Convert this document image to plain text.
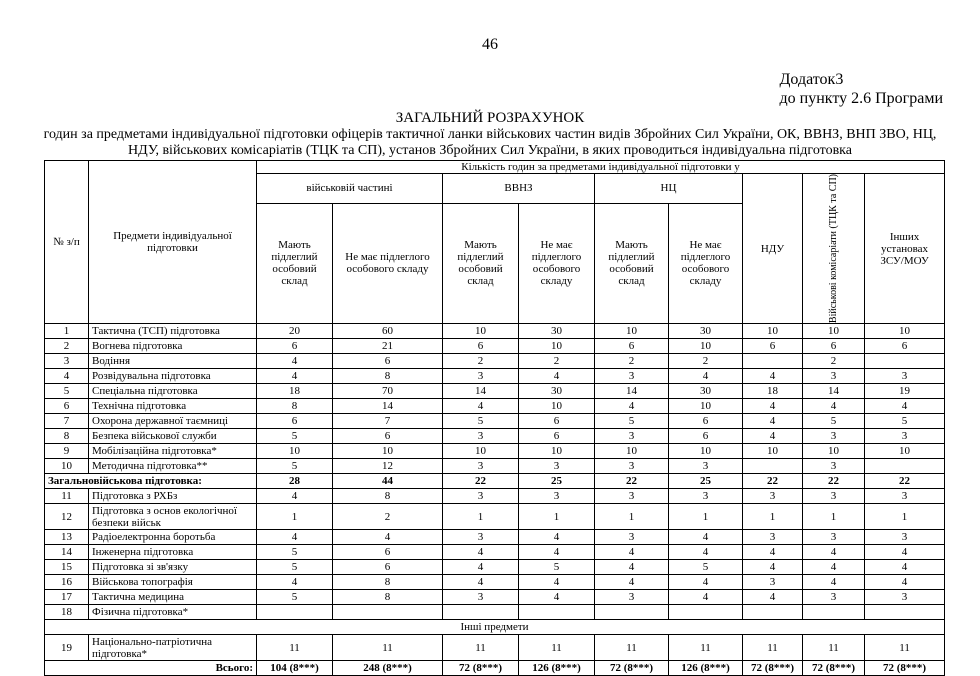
46
Додаток3
до пункту 2.6 Програми
ЗАГАЛЬНИЙ РОЗРАХУНОК
годин за предметами індивідуальної підготовки офіцерів тактичної ланки військових частин видів Збройних Сил України, ОК, ВВНЗ, ВНП ЗВО, НЦ, НДУ, військових комісаріатів (ТЦК та СП), установ Збройних Сил України, в яких проводиться індивідуальна підготовка
№ з/п	Предмети індивідуальної підготовки	Кількість годин за предметами індивідуальної підготовки у								
		військовій частині		ВВНЗ		НЦ		НДУ	Військові комісаріати (ТЦК та СП)	Інших установах ЗСУ/МОУ
		Мають підлеглий особовий склад	Не має підлеглого особового складу	Мають підлеглий особовий склад	Не має підлеглого особового складу	Мають підлеглий особовий склад	Не має підлеглого особового складу			
1	Тактична (ТСП) підготовка	20	60	10	30	10	30	10	10	10
2	Вогнева підготовка	6	21	6	10	6	10	6	6	6
3	Водіння	4	6	2	2	2	2		2	
4	Розвідувальна підготовка	4	8	3	4	3	4	4	3	3
5	Спеціальна підготовка	18	70	14	30	14	30	18	14	19
6	Технічна підготовка	8	14	4	10	4	10	4	4	4
7	Охорона державної таємниці	6	7	5	6	5	6	4	5	5
8	Безпека військової служби	5	6	3	6	3	6	4	3	3
9	Мобілізаційна підготовка*	10	10	10	10	10	10	10	10	10
10	Методична підготовка**	5	12	3	3	3	3		3	
Загальновійськова підготовка:		28	44	22	25	22	25	22	22	22
11	Підготовка з РХБз	4	8	3	3	3	3	3	3	3
12	Підготовка з основ екологічної безпеки військ	1	2	1	1	1	1	1	1	1
13	Радіоелектронна боротьба	4	4	3	4	3	4	3	3	3
14	Інженерна підготовка	5	6	4	4	4	4	4	4	4
15	Підготовка зі зв'язку	5	6	4	5	4	5	4	4	4
16	Військова топографія	4	8	4	4	4	4	3	4	4
17	Тактична медицина	5	8	3	4	3	4	4	3	3
18	Фізична підготовка*									
Інші предмети										
19	Національно-патріотична підготовка*	11	11	11	11	11	11	11	11	11
Всього:		104 (8***)	248 (8***)	72 (8***)	126 (8***)	72 (8***)	126 (8***)	72 (8***)	72 (8***)	72 (8***)
